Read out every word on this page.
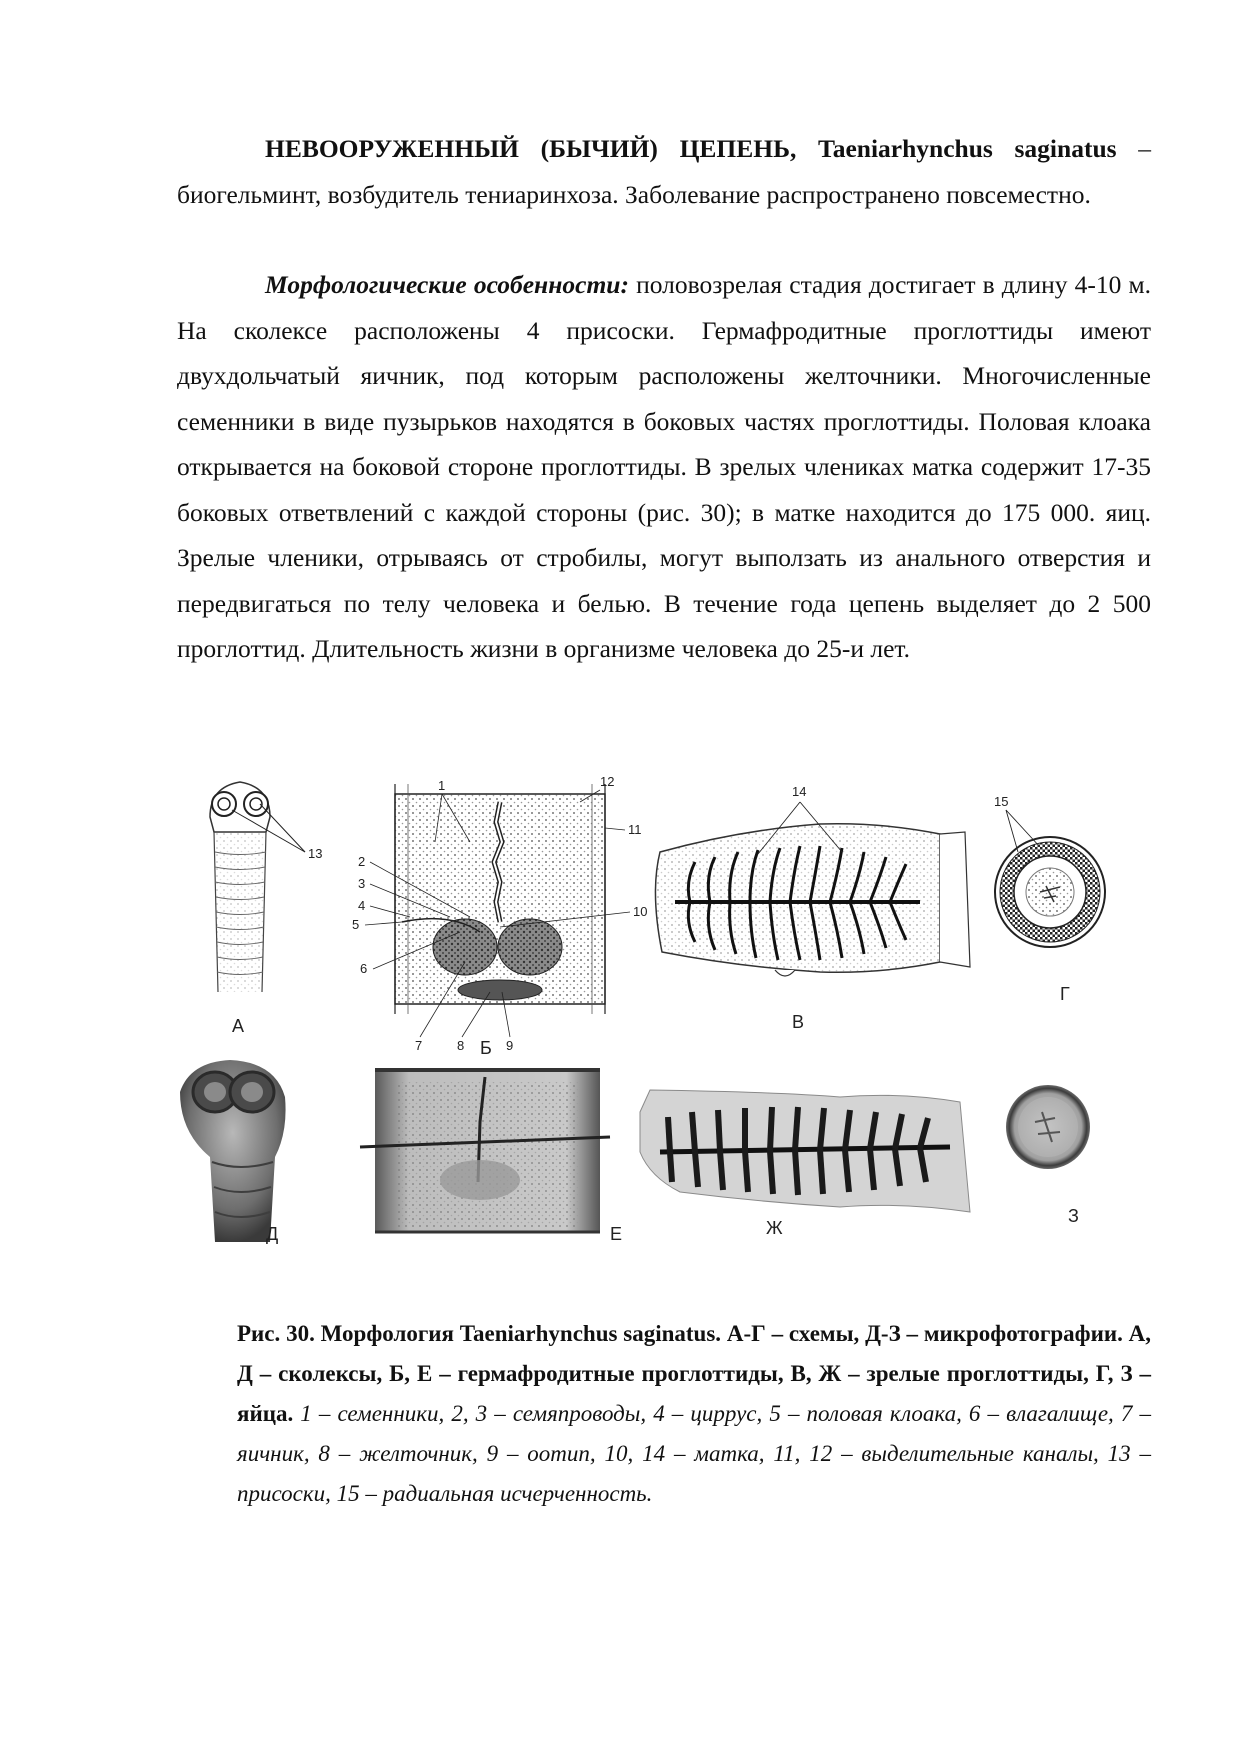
НЕВООРУЖЕННЫЙ (БЫЧИЙ) ЦЕПЕНЬ, Taeniarhynchus saginatus – биогельминт, возбудитель тениаринхоза. Заболевание распространено повсеместно.
Морфологические особенности: половозрелая стадия достигает в длину 4-10 м. На сколексе расположены 4 присоски. Гермафродитные проглоттиды имеют двухдольчатый яичник, под которым расположены желточники. Многочисленные семенники в виде пузырьков находятся в боковых частях проглоттиды. Половая клоака открывается на боковой стороне проглоттиды. В зрелых члениках матка содержит 17-35 боковых ответвлений с каждой стороны (рис. 30); в матке находится до 175 000. яиц. Зрелые членики, отрываясь от стробилы, могут выползать из анального отверстия и передвигаться по телу человека и белью. В течение года цепень выделяет до 2 500 проглоттид. Длительность жизни в организме человека до 25-и лет.
13
А
1
2
3
4
5
6
7	8	9
10
11
12
Б
14
В
15
Г
Д	Е	Ж
З
Рис. 30. Морфология Taeniarhynchus saginatus. А-Г – схемы, Д-З – микрофотографии. А, Д – сколексы, Б, Е – гермафродитные проглоттиды, В, Ж – зрелые проглоттиды, Г, З – яйца. 1 – семенники, 2, 3 – семяпроводы, 4 – циррус, 5 – половая клоака, 6 – влагалище, 7 – яичник, 8 – желточник, 9 – оотип, 10, 14 – матка, 11, 12 – выделительные каналы, 13 – присоски, 15 – радиальная исчерченность.
